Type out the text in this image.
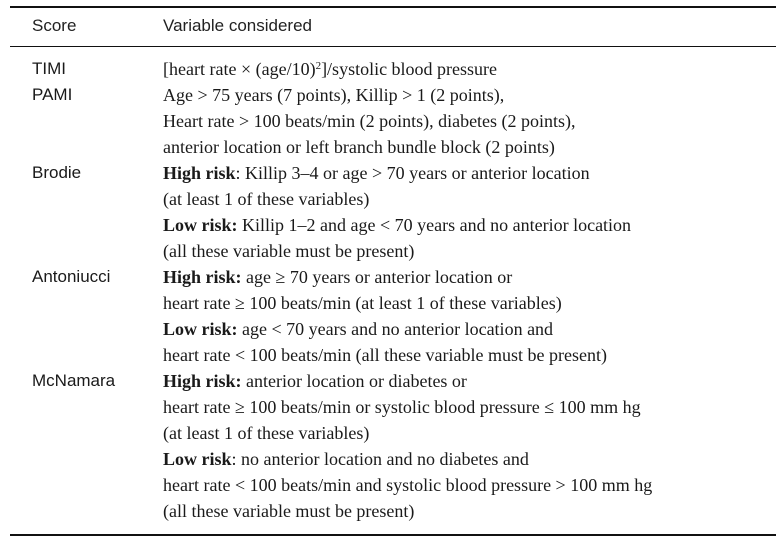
Score	Variable considered
TIMI	[heart rate × $(age/10)^2$]/systolic blood pressure
PAMI	Age > 75 years (7 points), Killip > 1 (2 points),
Heart rate > 100 beats/min (2 points), diabetes (2 points),
anterior location or left branch bundle block (2 points)
Brodie	High risk: Killip 3–4 or age > 70 years or anterior location
(at least 1 of these variables)
Low risk: Killip 1–2 and age < 70 years and no anterior location
(all these variable must be present)
Antoniucci	High risk: age ≥ 70 years or anterior location or
heart rate ≥ 100 beats/min (at least 1 of these variables)
Low risk: age < 70 years and no anterior location and
heart rate < 100 beats/min (all these variable must be present)
McNamara	High risk: anterior location or diabetes or
heart rate ≥ 100 beats/min or systolic blood pressure ≤ 100 mm hg
(at least 1 of these variables)
Low risk: no anterior location and no diabetes and
heart rate < 100 beats/min and systolic blood pressure > 100 mm hg
(all these variable must be present)
